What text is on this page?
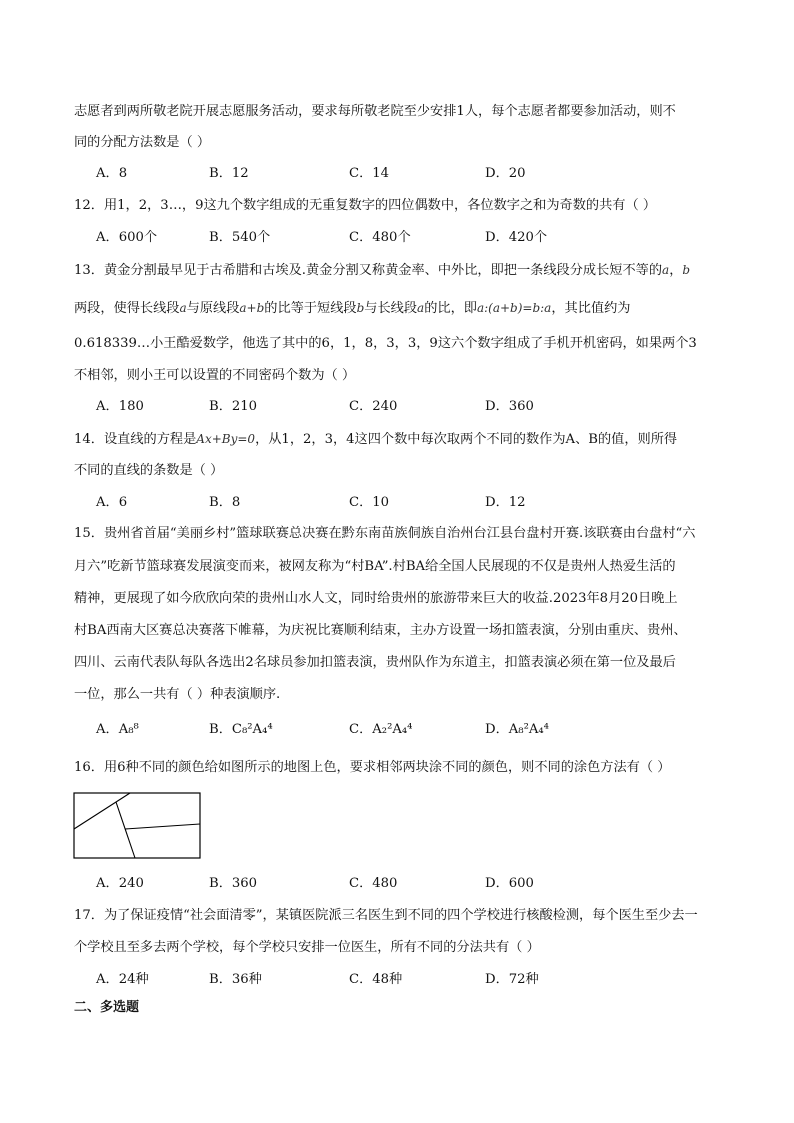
志愿者到两所敬老院开展志愿服务活动，要求每所敬老院至少安排1人，每个志愿者都要参加活动，则不
同的分配方法数是（ ）
A．8	B．12	C．14	D．20
12．用1，2，3…，9这九个数字组成的无重复数字的四位偶数中，各位数字之和为奇数的共有（ ）
A．600个	B．540个	C．480个	D．420个
13．黄金分割最早见于古希腊和古埃及.黄金分割又称黄金率、中外比，即把一条线段分成长短不等的a，b
两段，使得长线段a与原线段a+b的比等于短线段b与长线段a的比，即a:(a+b)=b:a，其比值约为
0.618339…小王酷爱数学，他选了其中的6，1，8，3，3，9这六个数字组成了手机开机密码，如果两个3
不相邻，则小王可以设置的不同密码个数为（ ）
A．180	B．210	C．240	D．360
14．设直线的方程是Ax+By=0，从1，2，3，4这四个数中每次取两个不同的数作为A、B的值，则所得
不同的直线的条数是（ ）
A．6	B．8	C．10	D．12
15．贵州省首届“美丽乡村”篮球联赛总决赛在黔东南苗族侗族自治州台江县台盘村开赛.该联赛由台盘村“六
月六”吃新节篮球赛发展演变而来，被网友称为“村BA”.村BA给全国人民展现的不仅是贵州人热爱生活的
精神，更展现了如今欣欣向荣的贵州山水人文，同时给贵州的旅游带来巨大的收益.2023年8月20日晚上
村BA西南大区赛总决赛落下帷幕，为庆祝比赛顺利结束，主办方设置一场扣篮表演，分别由重庆、贵州、
四川、云南代表队每队各选出2名球员参加扣篮表演，贵州队作为东道主，扣篮表演必须在第一位及最后
一位，那么一共有（ ）种表演顺序.
A．A₈⁸	B．C₈²A₄⁴	C．A₂²A₄⁴	D．A₈²A₄⁴
16．用6种不同的颜色给如图所示的地图上色，要求相邻两块涂不同的颜色，则不同的涂色方法有（ ）
A．240	B．360	C．480	D．600
17．为了保证疫情“社会面清零”，某镇医院派三名医生到不同的四个学校进行核酸检测，每个医生至少去一
个学校且至多去两个学校，每个学校只安排一位医生，所有不同的分法共有（ ）
A．24种	B．36种	C．48种	D．72种
二、多选题
